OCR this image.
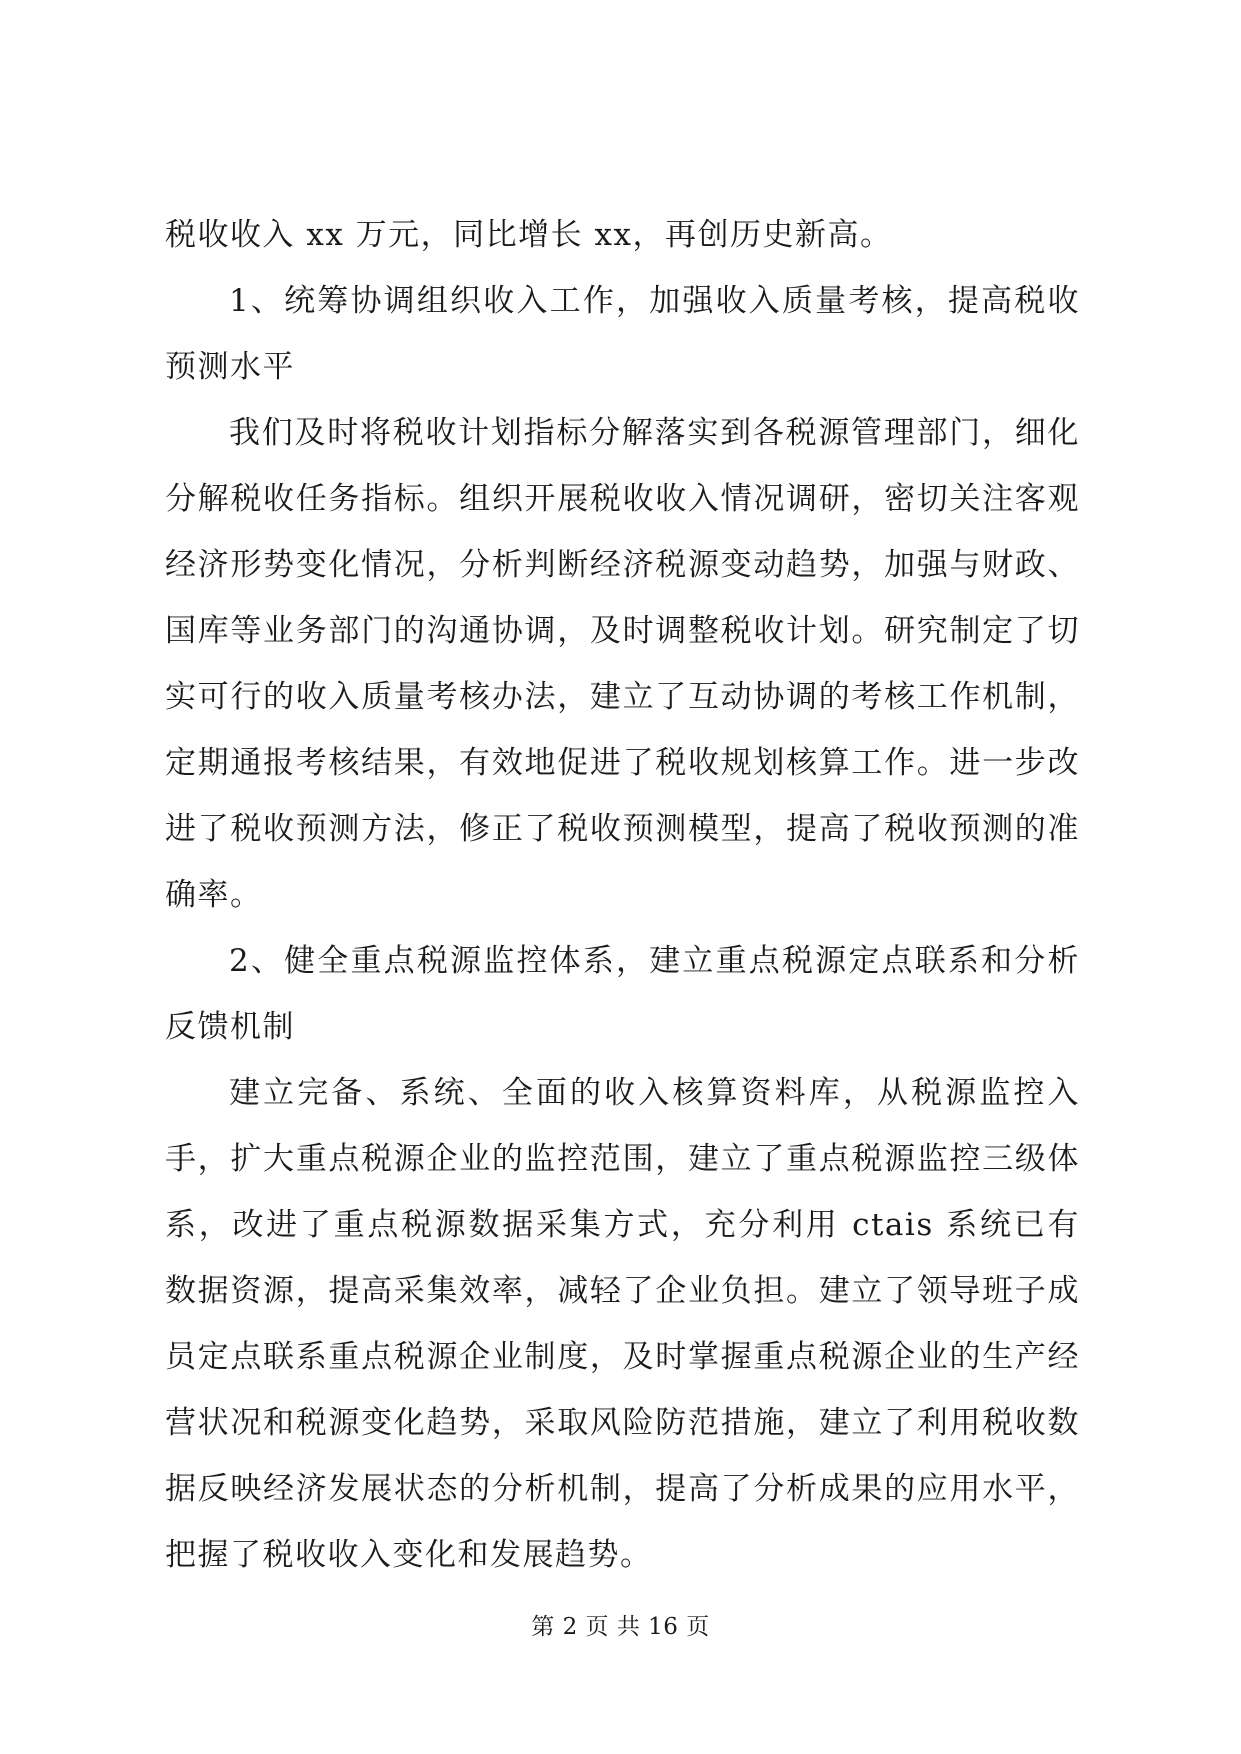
税收收入 xx 万元，同比增长 xx，再创历史新高。

1、统筹协调组织收入工作，加强收入质量考核，提高税收预测水平

我们及时将税收计划指标分解落实到各税源管理部门，细化分解税收任务指标。组织开展税收收入情况调研，密切关注客观经济形势变化情况，分析判断经济税源变动趋势，加强与财政、国库等业务部门的沟通协调，及时调整税收计划。研究制定了切实可行的收入质量考核办法，建立了互动协调的考核工作机制，定期通报考核结果，有效地促进了税收规划核算工作。进一步改进了税收预测方法，修正了税收预测模型，提高了税收预测的准确率。

2、健全重点税源监控体系，建立重点税源定点联系和分析反馈机制

建立完备、系统、全面的收入核算资料库，从税源监控入手，扩大重点税源企业的监控范围，建立了重点税源监控三级体系，改进了重点税源数据采集方式，充分利用 ctais 系统已有数据资源，提高采集效率，减轻了企业负担。建立了领导班子成员定点联系重点税源企业制度，及时掌握重点税源企业的生产经营状况和税源变化趋势，采取风险防范措施，建立了利用税收数据反映经济发展状态的分析机制，提高了分析成果的应用水平，把握了税收收入变化和发展趋势。

第 2 页 共 16 页
